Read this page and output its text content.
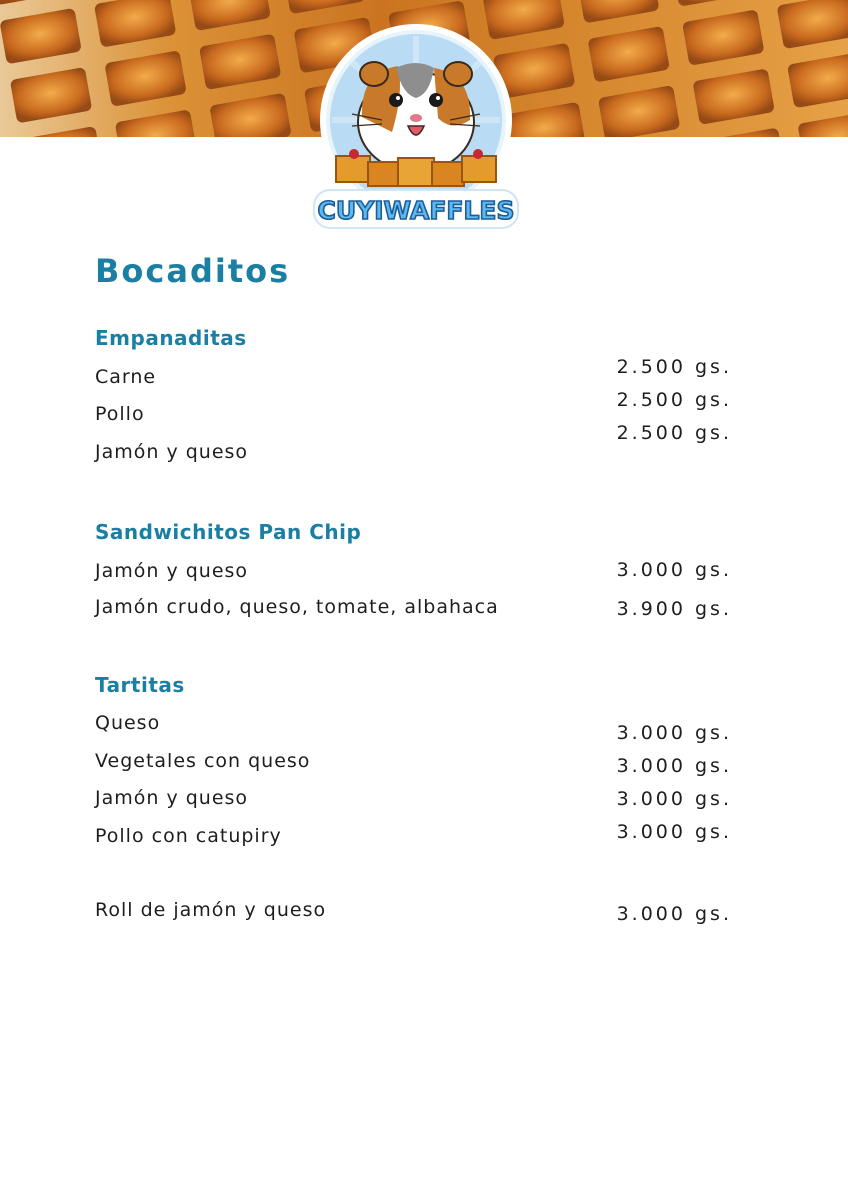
CUYIWAFFLES
Bocaditos
Empanaditas

Carne

Pollo

Jamón y queso

2.500 gs.

2.500 gs.

2.500 gs.

Sandwichitos Pan Chip

Jamón y queso

Jamón crudo, queso, tomate, albahaca

3.000 gs.

3.900 gs.

Tartitas

Queso

Vegetales con queso

Jamón y queso

Pollo con catupiry

3.000 gs.

3.000 gs.

3.000 gs.

3.000 gs.

Roll de jamón y queso	3.000 gs.
